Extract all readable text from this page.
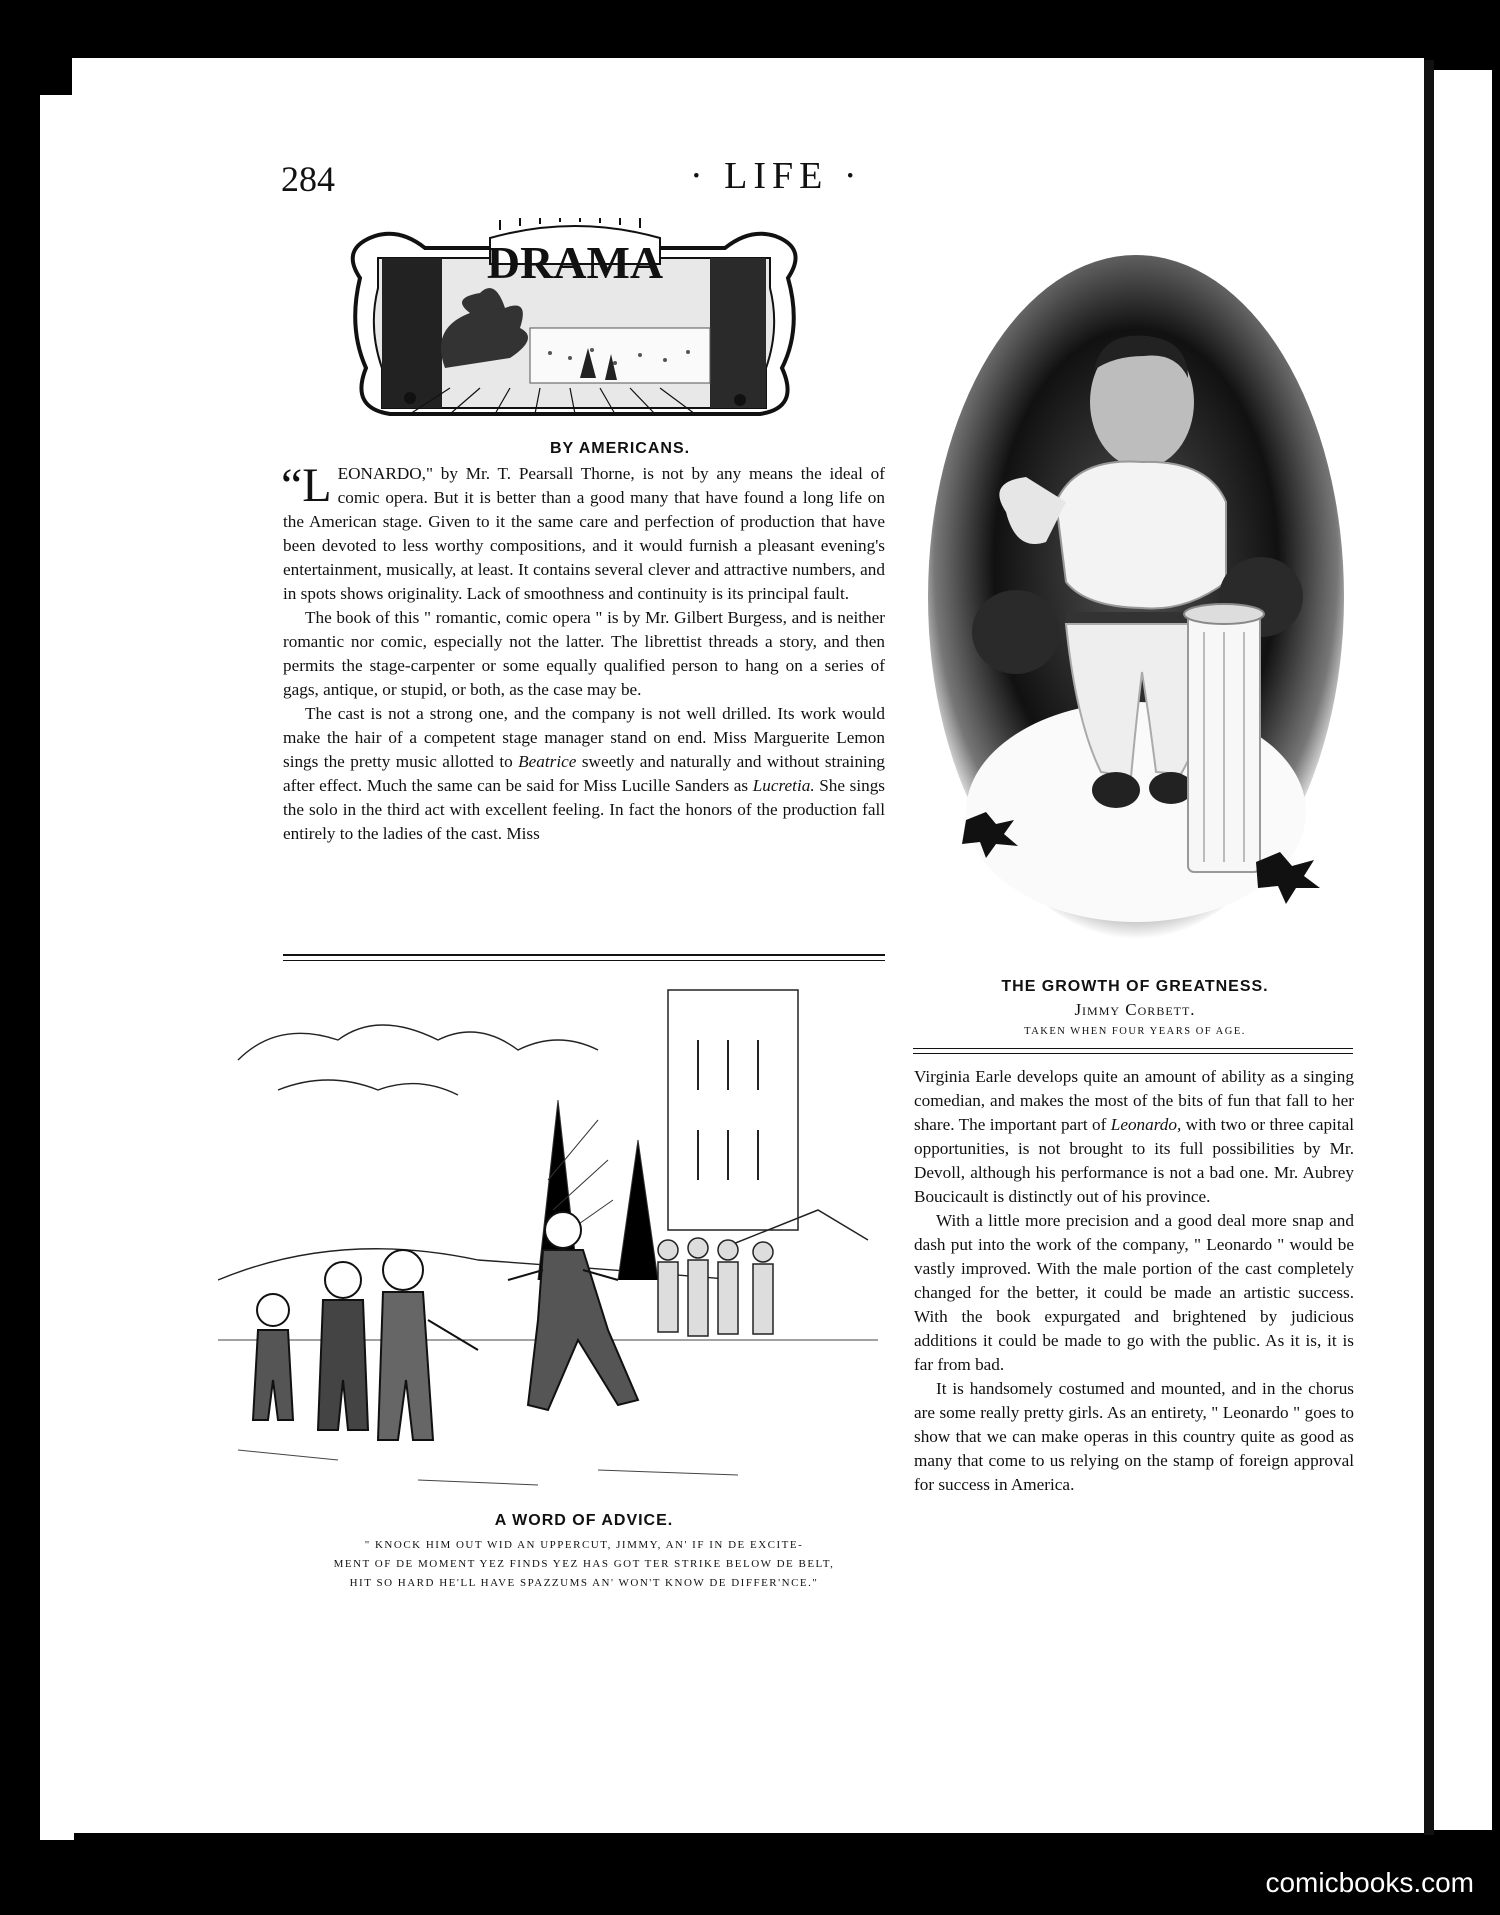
284	· LIFE ·
DRAMA
BY AMERICANS.

“LEONARDO," by Mr. T. Pearsall Thorne, is not by any means the ideal of comic opera. But it is better than a good many that have found a long life on the American stage. Given to it the same care and perfection of production that have been devoted to less worthy compositions, and it would furnish a pleasant evening's entertainment, musically, at least. It contains several clever and attractive numbers, and in spots shows originality. Lack of smoothness and continuity is its principal fault.

The book of this " romantic, comic opera " is by Mr. Gilbert Burgess, and is neither romantic nor comic, especially not the latter. The librettist threads a story, and then permits the stage-carpenter or some equally qualified person to hang on a series of gags, antique, or stupid, or both, as the case may be.

The cast is not a strong one, and the company is not well drilled. Its work would make the hair of a competent stage manager stand on end. Miss Marguerite Lemon sings the pretty music allotted to Beatrice sweetly and naturally and without straining after effect. Much the same can be said for Miss Lucille Sanders as Lucretia. She sings the solo in the third act with excellent feeling. In fact the honors of the production fall entirely to the ladies of the cast. Miss

THE GROWTH OF GREATNESS.
Jimmy Corbett.
TAKEN WHEN FOUR YEARS OF AGE.

Virginia Earle develops quite an amount of ability as a singing comedian, and makes the most of the bits of fun that fall to her share. The important part of Leonardo, with two or three capital opportunities, is not brought to its full possibilities by Mr. Devoll, although his performance is not a bad one. Mr. Aubrey Boucicault is distinctly out of his province.

With a little more precision and a good deal more snap and dash put into the work of the company, " Leonardo " would be vastly improved. With the male portion of the cast completely changed for the better, it could be made an artistic success. With the book expurgated and brightened by judicious additions it could be made to go with the public. As it is, it is far from bad.

It is handsomely costumed and mounted, and in the chorus are some really pretty girls. As an entirety, " Leonardo " goes to show that we can make operas in this country quite as good as many that come to us relying on the stamp of foreign approval for success in America.

A WORD OF ADVICE.
" KNOCK HIM OUT WID AN UPPERCUT, JIMMY, AN' IF IN DE EXCITE-
MENT OF DE MOMENT YEZ FINDS YEZ HAS GOT TER STRIKE BELOW DE BELT,
HIT SO HARD HE'LL HAVE SPAZZUMS AN' WON'T KNOW DE DIFFER'NCE."
comicbooks.com
